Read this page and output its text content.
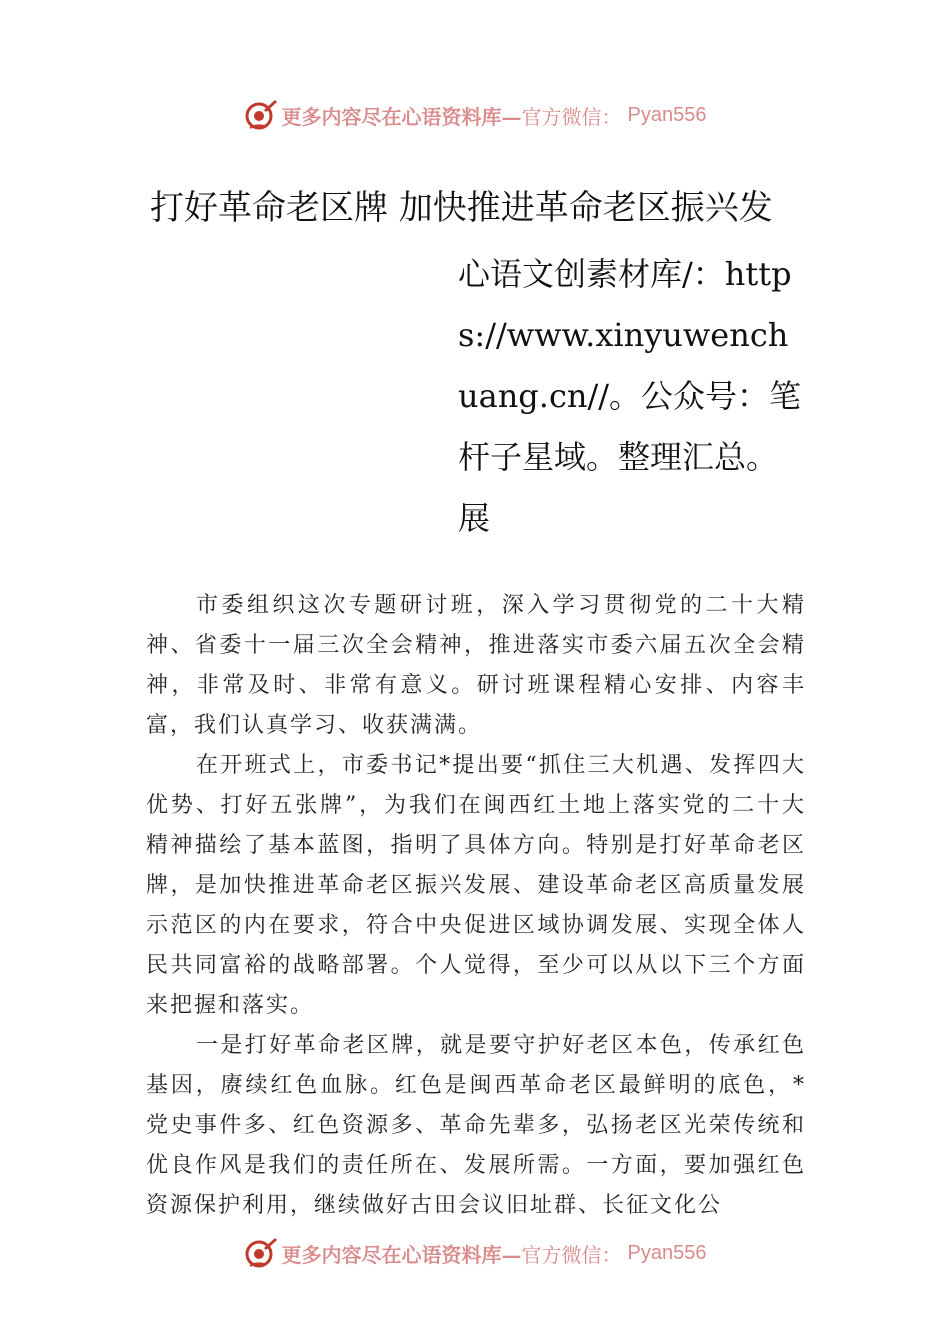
更多内容尽在心语资料库— 官方微信： Pyan556
打好革命老区牌 加快推进革命老区振兴发
心语文创素材库/：https://www.xinyuwenchuang.cn//。公众号：笔杆子星域。整理汇总。展

市委组织这次专题研讨班，深入学习贯彻党的二十大精神、省委十一届三次全会精神，推进落实市委六届五次全会精神，非常及时、非常有意义。研讨班课程精心安排、内容丰富，我们认真学习、收获满满。

在开班式上，市委书记*提出要“抓住三大机遇、发挥四大优势、打好五张牌”，为我们在闽西红土地上落实党的二十大精神描绘了基本蓝图，指明了具体方向。特别是打好革命老区牌，是加快推进革命老区振兴发展、建设革命老区高质量发展示范区的内在要求，符合中央促进区域协调发展、实现全体人民共同富裕的战略部署。个人觉得，至少可以从以下三个方面来把握和落实。

一是打好革命老区牌，就是要守护好老区本色，传承红色基因，赓续红色血脉。红色是闽西革命老区最鲜明的底色，*党史事件多、红色资源多、革命先辈多，弘扬老区光荣传统和优良作风是我们的责任所在、发展所需。一方面，要加强红色资源保护利用，继续做好古田会议旧址群、长征文化公

更多内容尽在心语资料库— 官方微信： Pyan556
